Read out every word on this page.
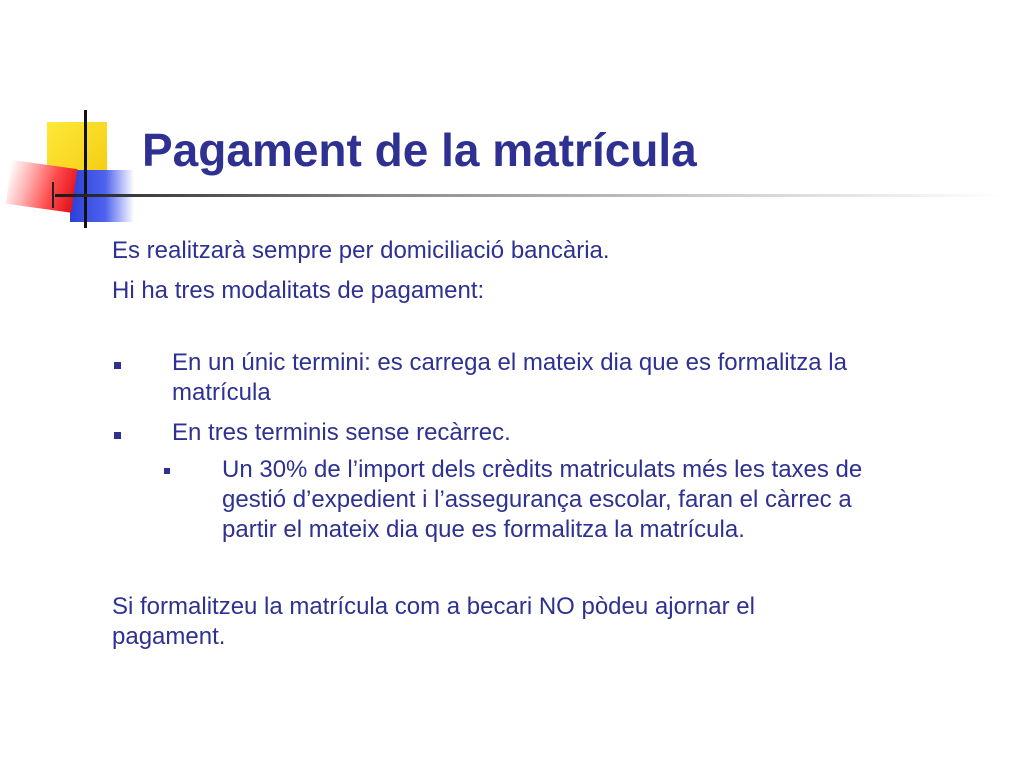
Pagament de la matrícula

Es realitzarà sempre per domiciliació bancària.

Hi ha tres modalitats de pagament:

En un únic termini: es carrega el mateix dia que es formalitza la

matrícula

En tres terminis sense recàrrec.

Un 30% de l’import dels crèdits matriculats més les taxes de

gestió d’expedient i l’assegurança escolar, faran el càrrec a

partir el mateix dia que es formalitza la matrícula.

Si formalitzeu la matrícula com a becari NO pòdeu ajornar el

pagament.
